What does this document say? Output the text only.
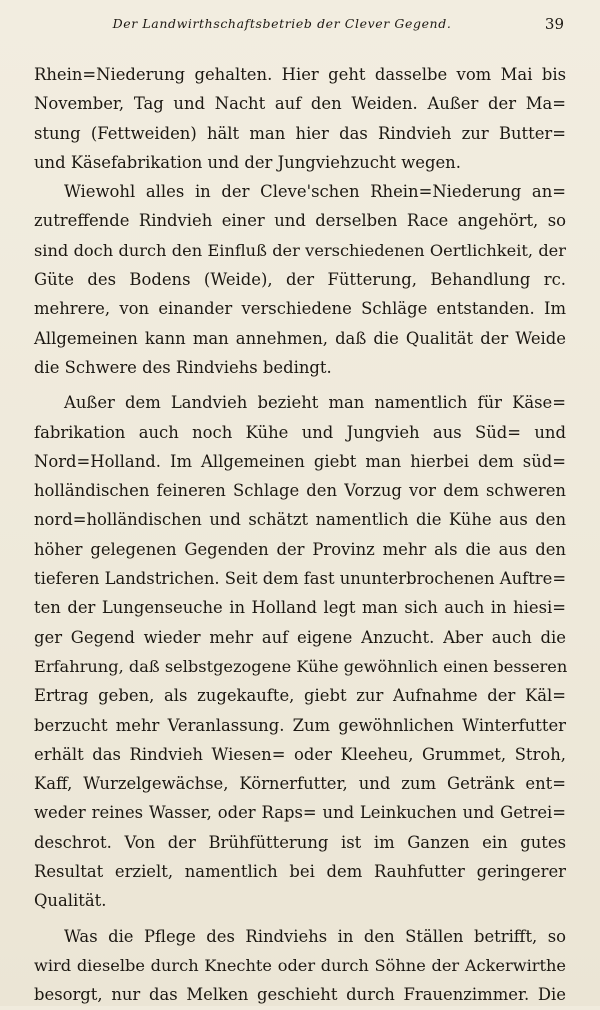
Der Landwirthschaftsbetrieb der Clever Gegend.	39
Rhein=Niederung gehalten. Hier geht dasselbe vom Mai bis
November, Tag und Nacht auf den Weiden. Außer der Ma=
stung (Fettweiden) hält man hier das Rindvieh zur Butter=
und Käsefabrikation und der Jungviehzucht wegen.
Wiewohl alles in der Cleve'schen Rhein=Niederung an=
zutreffende Rindvieh einer und derselben Race angehört, so
sind doch durch den Einfluß der verschiedenen Oertlichkeit, der
Güte des Bodens (Weide), der Fütterung, Behandlung rc.
mehrere, von einander verschiedene Schläge entstanden. Im
Allgemeinen kann man annehmen, daß die Qualität der Weide
die Schwere des Rindviehs bedingt.
Außer dem Landvieh bezieht man namentlich für Käse=
fabrikation auch noch Kühe und Jungvieh aus Süd= und
Nord=Holland. Im Allgemeinen giebt man hierbei dem süd=
holländischen feineren Schlage den Vorzug vor dem schweren
nord=holländischen und schätzt namentlich die Kühe aus den
höher gelegenen Gegenden der Provinz mehr als die aus den
tieferen Landstrichen. Seit dem fast ununterbrochenen Auftre=
ten der Lungenseuche in Holland legt man sich auch in hiesi=
ger Gegend wieder mehr auf eigene Anzucht. Aber auch die
Erfahrung, daß selbstgezogene Kühe gewöhnlich einen besseren
Ertrag geben, als zugekaufte, giebt zur Aufnahme der Käl=
berzucht mehr Veranlassung. Zum gewöhnlichen Winterfutter
erhält das Rindvieh Wiesen= oder Kleeheu, Grummet, Stroh,
Kaff, Wurzelgewächse, Körnerfutter, und zum Getränk ent=
weder reines Wasser, oder Raps= und Leinkuchen und Getrei=
deschrot. Von der Brühfütterung ist im Ganzen ein gutes
Resultat erzielt, namentlich bei dem Rauhfutter geringerer
Qualität.
Was die Pflege des Rindviehs in den Ställen betrifft, so
wird dieselbe durch Knechte oder durch Söhne der Ackerwirthe
besorgt, nur das Melken geschieht durch Frauenzimmer. Die
